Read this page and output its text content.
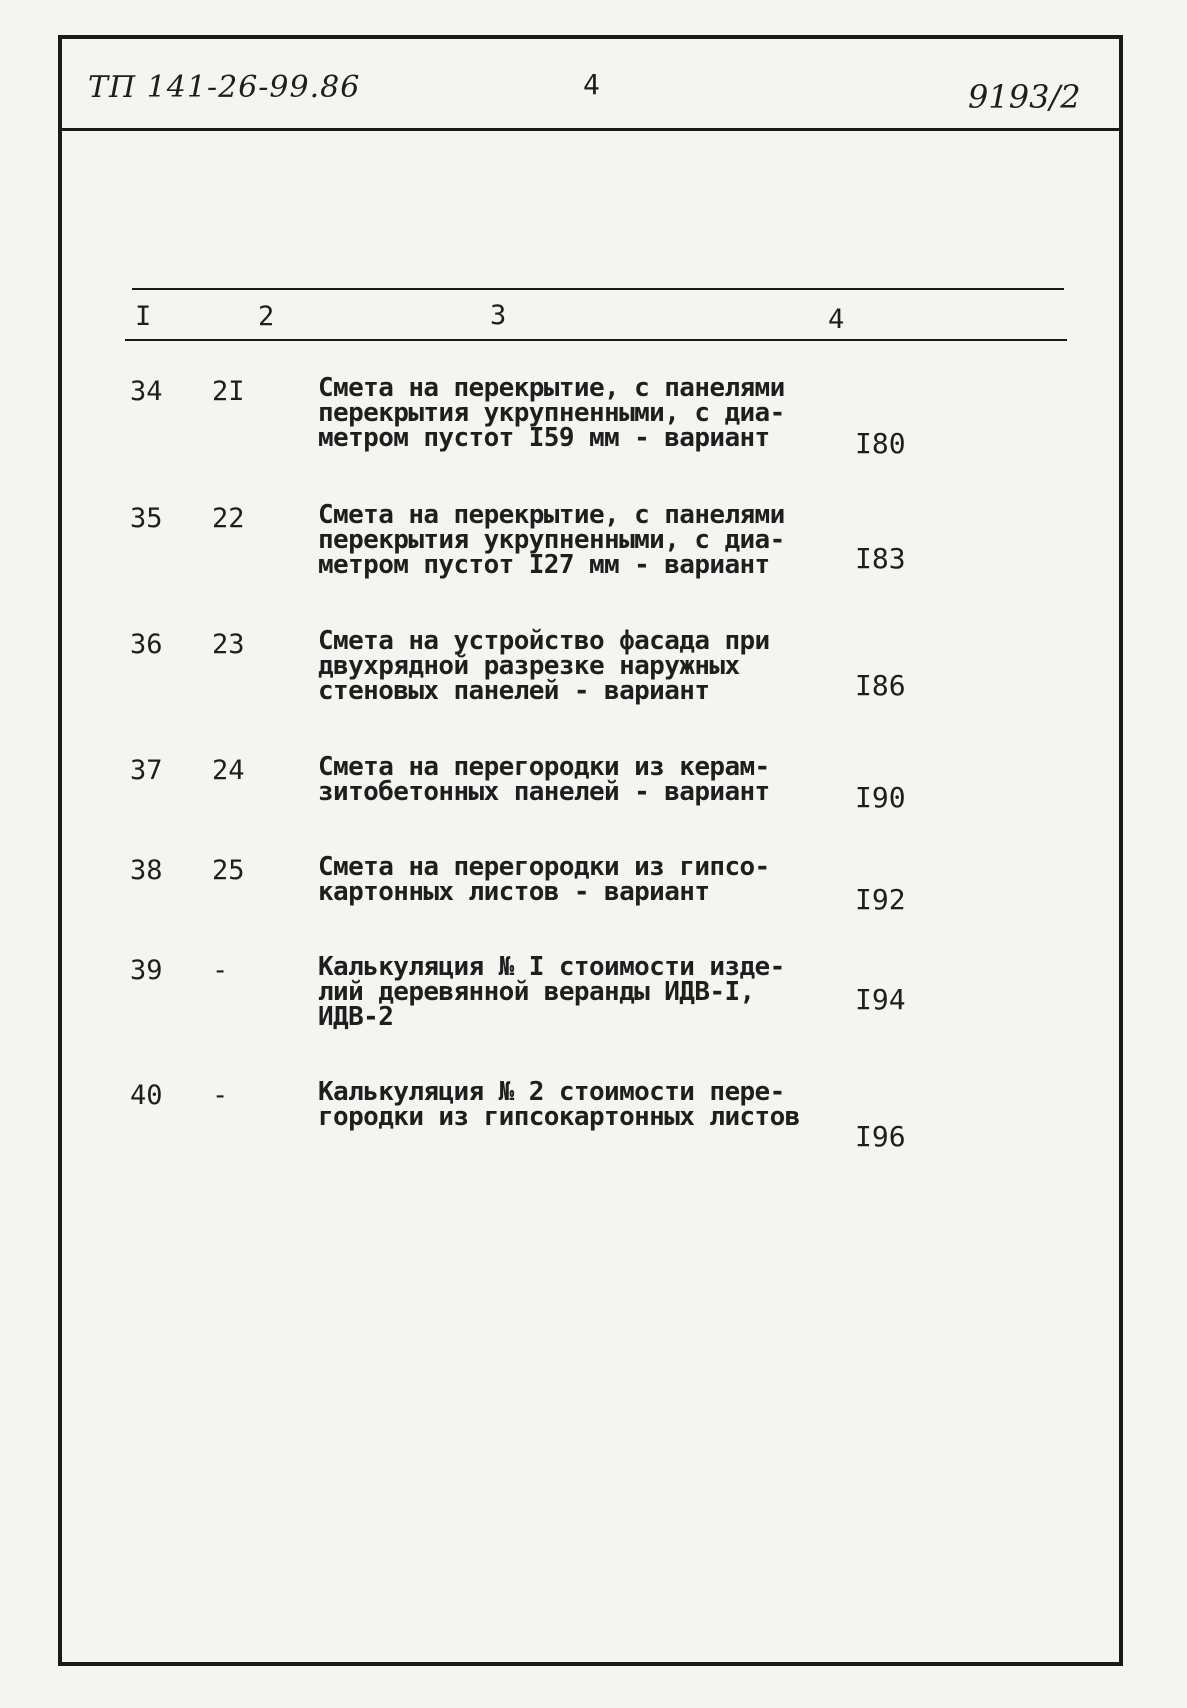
ТП 141-26-99.86	4	9193/2
I	2	3	4
34 2I	Смета на перекрытие, с панелями
перекрытия укрупненными, с диа-
метром пустот I59 мм - вариант	I80
35 22	Смета на перекрытие, с панелями
перекрытия укрупненными, с диа-
метром пустот I27 мм - вариант	I83
36 23	Смета на устройство фасада при
двухрядной разрезке наружных
стеновых панелей - вариант	I86
37 24	Смета на перегородки из керам-
зитобетонных панелей - вариант	I90
38 25	Смета на перегородки из гипсо-
картонных листов - вариант	I92
39 -	Калькуляция № I стоимости изде-
лий деревянной веранды ИДВ-I,
ИДВ-2
I94
40 -	Калькуляция № 2 стоимости пере-
городки из гипсокартонных листов
I96
